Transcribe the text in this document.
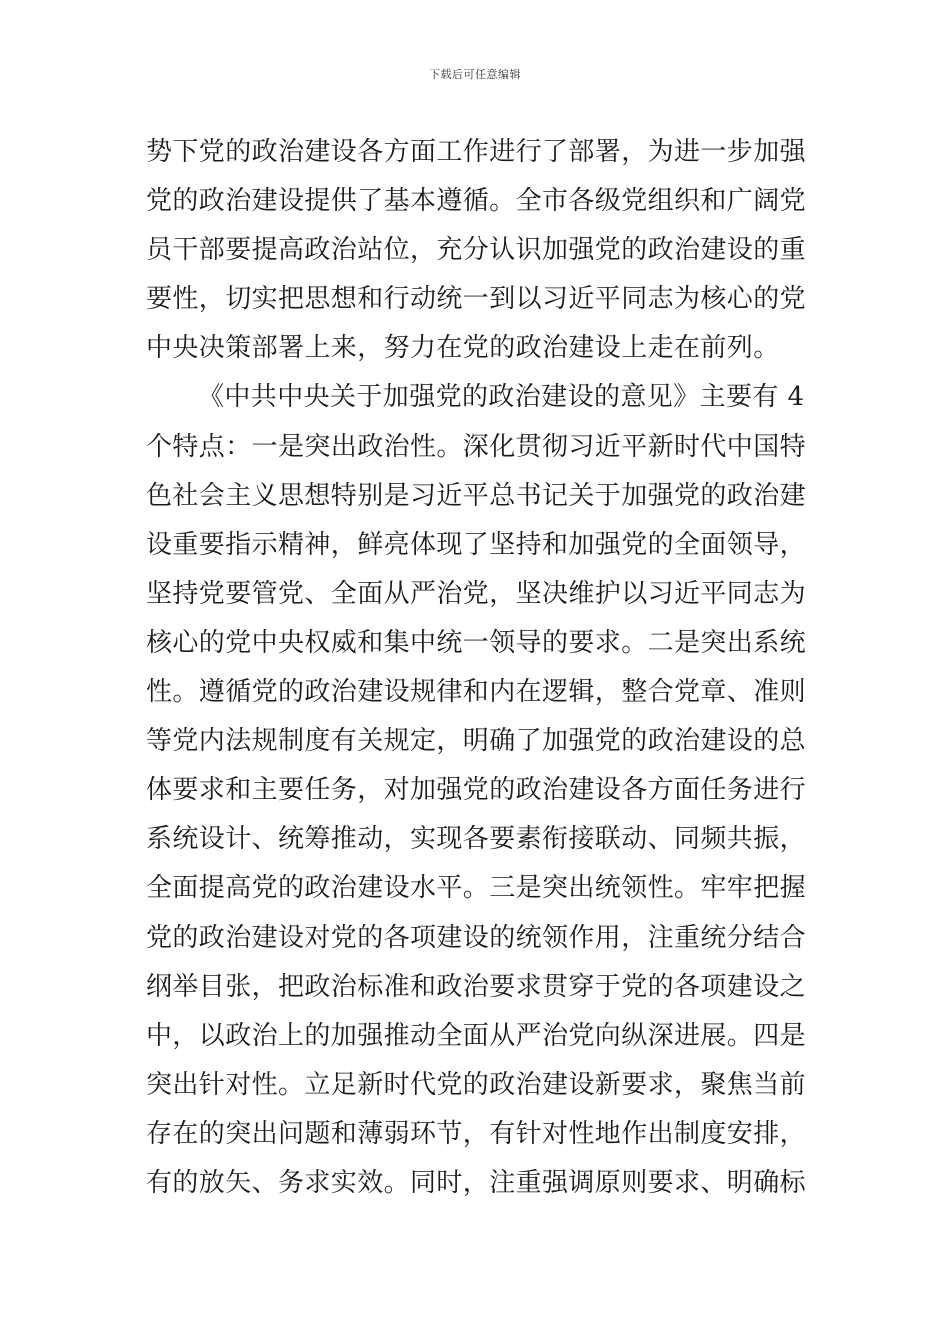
下载后可任意编辑
势下党的政治建设各方面工作进行了部署，为进一步加强
党的政治建设提供了基本遵循。全市各级党组织和广阔党
员干部要提高政治站位，充分认识加强党的政治建设的重
要性，切实把思想和行动统一到以习近平同志为核心的党
中央决策部署上来，努力在党的政治建设上走在前列。
《中共中央关于加强党的政治建设的意见》主要有 4
个特点：一是突出政治性。深化贯彻习近平新时代中国特
色社会主义思想特别是习近平总书记关于加强党的政治建
设重要指示精神，鲜亮体现了坚持和加强党的全面领导，
坚持党要管党、全面从严治党，坚决维护以习近平同志为
核心的党中央权威和集中统一领导的要求。二是突出系统
性。遵循党的政治建设规律和内在逻辑，整合党章、准则
等党内法规制度有关规定，明确了加强党的政治建设的总
体要求和主要任务，对加强党的政治建设各方面任务进行
系统设计、统筹推动，实现各要素衔接联动、同频共振，
全面提高党的政治建设水平。三是突出统领性。牢牢把握
党的政治建设对党的各项建设的统领作用，注重统分结合
纲举目张，把政治标准和政治要求贯穿于党的各项建设之
中，以政治上的加强推动全面从严治党向纵深进展。四是
突出针对性。立足新时代党的政治建设新要求，聚焦当前
存在的突出问题和薄弱环节，有针对性地作出制度安排，
有的放矢、务求实效。同时，注重强调原则要求、明确标
